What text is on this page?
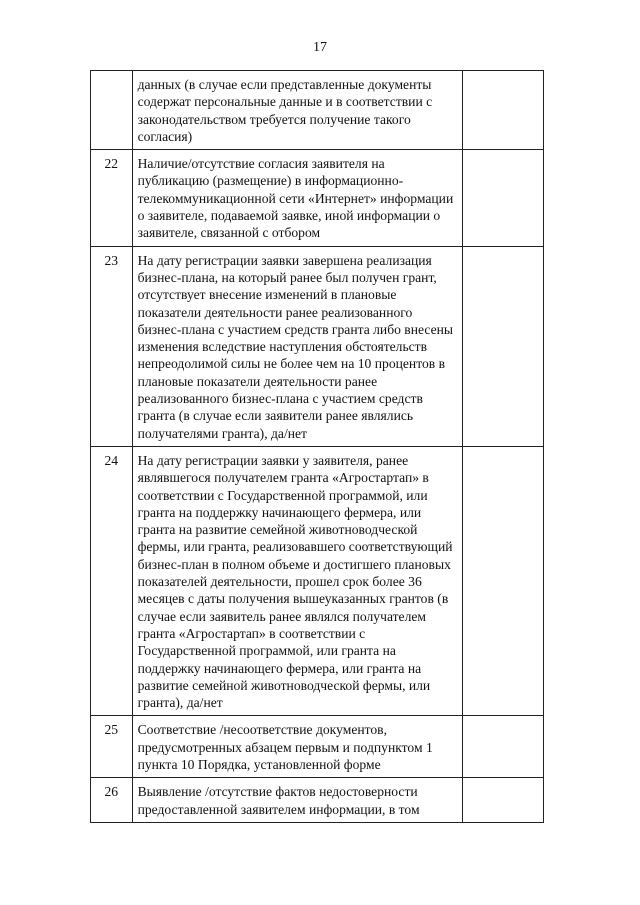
17
	данных (в случае если представленные документы содержат персональные данные и в соответствии с законодательством требуется получение такого согласия)	
22	Наличие/отсутствие согласия заявителя на публикацию (размещение) в информационно-телекоммуникационной сети «Интернет» информации о заявителе, подаваемой заявке, иной информации о заявителе, связанной с отбором	
23	На дату регистрации заявки завершена реализация бизнес-плана, на который ранее был получен грант, отсутствует внесение изменений в плановые показатели деятельности ранее реализованного бизнес-плана с участием средств гранта либо внесены изменения вследствие наступления обстоятельств непреодолимой силы не более чем на 10 процентов в плановые показатели деятельности ранее реализованного бизнес-плана с участием средств гранта (в случае если заявители ранее являлись получателями гранта), да/нет	
24	На дату регистрации заявки у заявителя, ранее являвшегося получателем гранта «Агростартап» в соответствии с Государственной программой, или гранта на поддержку начинающего фермера, или гранта на развитие семейной животноводческой фермы, или гранта, реализовавшего соответствующий бизнес-план в полном объеме и достигшего плановых показателей деятельности, прошел срок более 36 месяцев с даты получения вышеуказанных грантов (в случае если заявитель ранее являлся получателем гранта «Агростартап» в соответствии с Государственной программой, или гранта на поддержку начинающего фермера, или гранта на развитие семейной животноводческой фермы, или гранта), да/нет	
25	Соответствие /несоответствие документов, предусмотренных абзацем первым и подпунктом 1 пункта 10 Порядка, установленной форме	
26	Выявление /отсутствие фактов недостоверности предоставленной заявителем информации, в том	
